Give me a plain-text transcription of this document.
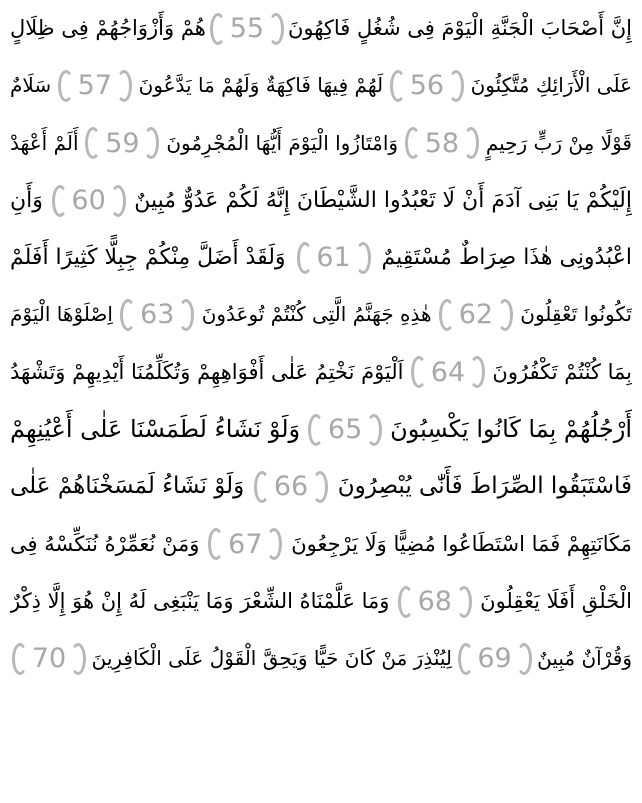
إِنَّ أَصْحَابَ الْجَنَّةِ الْيَوْمَ فِى شُغُلٍ فَاكِهُونَ
55
هُمْ وَأَزْوَاجُهُمْ فِى ظِلَالٍ
عَلَى الْأَرَائِكِ مُتَّكِئُونَ
56
لَهُمْ فِيهَا فَاكِهَةٌ وَلَهُمْ مَا يَدَّعُونَ
57
سَلَامٌ
قَوْلًا مِنْ رَبٍّ رَحِيمٍ
58
وَامْتَازُوا الْيَوْمَ أَيُّهَا الْمُجْرِمُونَ
59
أَلَمْ أَعْهَدْ
إِلَيْكُمْ يَا بَنِى آدَمَ أَنْ لَا تَعْبُدُوا الشَّيْطَانَ إِنَّهُ لَكُمْ عَدُوٌّ مُبِينٌ
60
وَأَنِ
اعْبُدُونِى هٰذَا صِرَاطٌ مُسْتَقِيمٌ
61
وَلَقَدْ أَضَلَّ مِنْكُمْ جِبِلًّا كَثِيرًا أَفَلَمْ
تَكُونُوا تَعْقِلُونَ
62
هٰذِهِ جَهَنَّمُ الَّتِى كُنْتُمْ تُوعَدُونَ
63
اِصْلَوْهَا الْيَوْمَ
بِمَا كُنْتُمْ تَكْفُرُونَ
64
اَلْيَوْمَ نَخْتِمُ عَلٰى أَفْوَاهِهِمْ وَتُكَلِّمُنَا أَيْدِيهِمْ وَتَشْهَدُ
أَرْجُلُهُمْ بِمَا كَانُوا يَكْسِبُونَ
65
وَلَوْ نَشَاءُ لَطَمَسْنَا عَلٰى أَعْيُنِهِمْ
فَاسْتَبَقُوا الصِّرَاطَ فَأَنّٰى يُبْصِرُونَ
66
وَلَوْ نَشَاءُ لَمَسَخْنَاهُمْ عَلٰى
مَكَانَتِهِمْ فَمَا اسْتَطَاعُوا مُضِيًّا وَلَا يَرْجِعُونَ
67
وَمَنْ نُعَمِّرْهُ نُنَكِّسْهُ فِى
الْخَلْقِ أَفَلَا يَعْقِلُونَ
68
وَمَا عَلَّمْنَاهُ الشِّعْرَ وَمَا يَنْبَغِى لَهُ إِنْ هُوَ إِلَّا ذِكْرٌ
وَقُرْآنٌ مُبِينٌ
69
لِيُنْذِرَ مَنْ كَانَ حَيًّا وَيَحِقَّ الْقَوْلُ عَلَى الْكَافِرِينَ
70
